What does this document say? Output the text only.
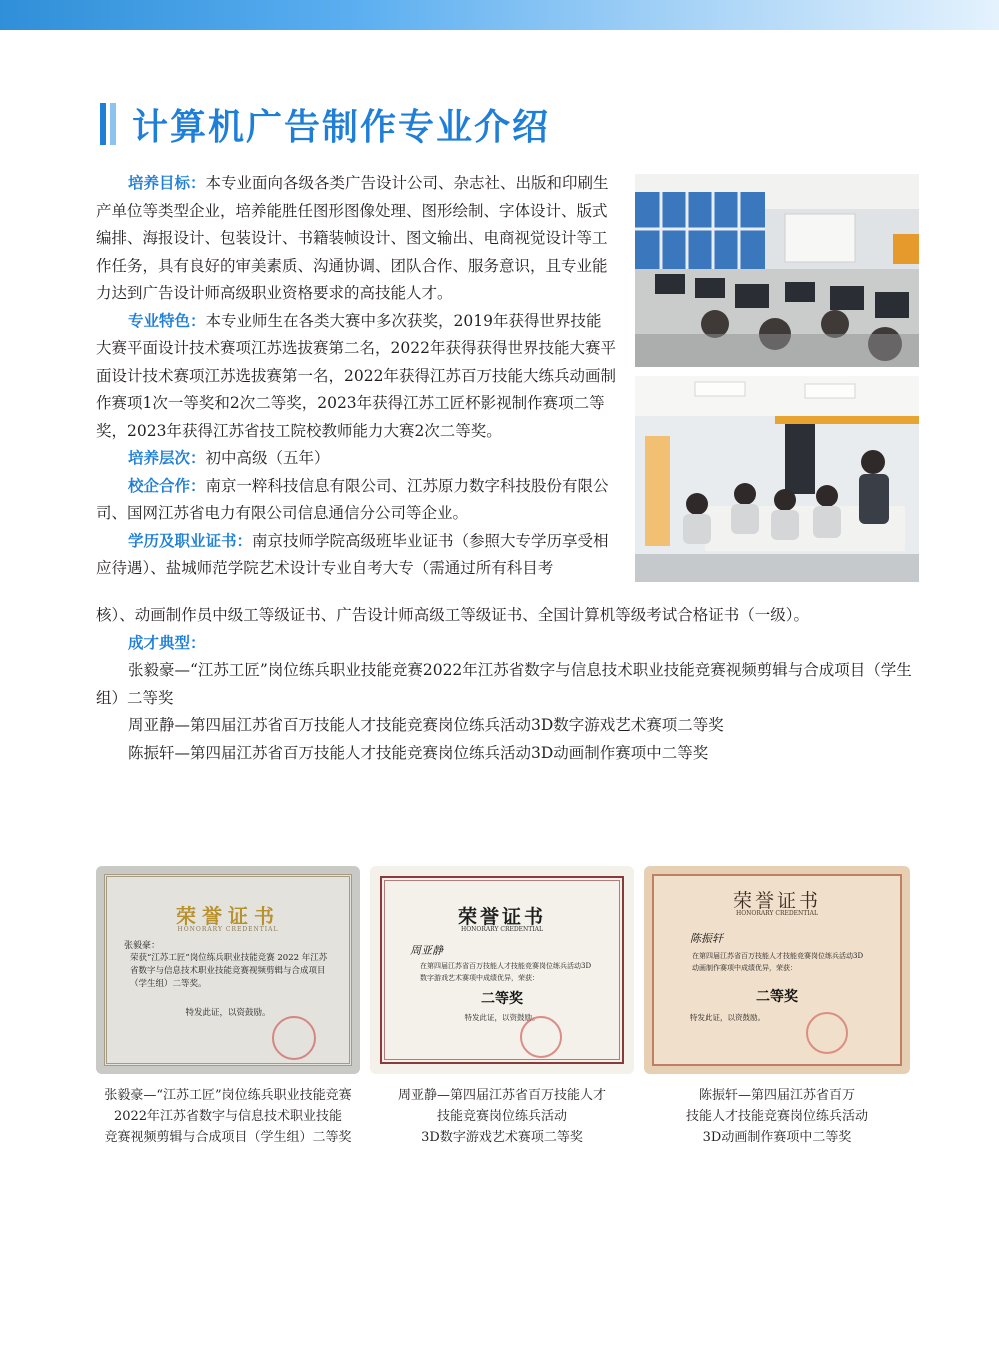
计算机广告制作专业介绍

培养目标：本专业面向各级各类广告设计公司、杂志社、出版和印刷生产单位等类型企业，培养能胜任图形图像处理、图形绘制、字体设计、版式编排、海报设计、包装设计、书籍装帧设计、图文输出、电商视觉设计等工作任务，具有良好的审美素质、沟通协调、团队合作、服务意识，且专业能力达到广告设计师高级职业资格要求的高技能人才。

专业特色：本专业师生在各类大赛中多次获奖，2019年获得世界技能大赛平面设计技术赛项江苏选拔赛第二名，2022年获得获得世界技能大赛平面设计技术赛项江苏选拔赛第一名，2022年获得江苏百万技能大练兵动画制作赛项1次一等奖和2次二等奖，2023年获得江苏工匠杯影视制作赛项二等奖，2023年获得江苏省技工院校教师能力大赛2次二等奖。

培养层次：初中高级（五年）

校企合作：南京一粹科技信息有限公司、江苏原力数字科技股份有限公司、国网江苏省电力有限公司信息通信分公司等企业。

学历及职业证书：南京技师学院高级班毕业证书（参照大专学历享受相应待遇）、盐城师范学院艺术设计专业自考大专（需通过所有科目考

核）、动画制作员中级工等级证书、广告设计师高级工等级证书、全国计算机等级考试合格证书（一级）。

成才典型：

张毅豪—“江苏工匠”岗位练兵职业技能竞赛2022年江苏省数字与信息技术职业技能竞赛视频剪辑与合成项目（学生组）二等奖

周亚静—第四届江苏省百万技能人才技能竞赛岗位练兵活动3D数字游戏艺术赛项二等奖

陈振轩—第四届江苏省百万技能人才技能竞赛岗位练兵活动3D动画制作赛项中二等奖

荣誉证书
HONORARY CREDENTIAL
张毅豪：
荣获“江苏工匠”岗位练兵职业技能竞赛 2022 年江苏省数字与信息技术职业技能竞赛视频剪辑与合成项目（学生组）二等奖。
特发此证，以资鼓励。
张毅豪—“江苏工匠”岗位练兵职业技能竞赛
2022年江苏省数字与信息技术职业技能
竞赛视频剪辑与合成项目（学生组）二等奖
荣誉证书
HONORARY CREDENTIAL
周亚静
在第四届江苏省百万技能人才技能竞赛岗位练兵活动3D数字游戏艺术赛项中成绩优异，荣获：
二等奖
特发此证，以资鼓励。
周亚静—第四届江苏省百万技能人才
技能竞赛岗位练兵活动
3D数字游戏艺术赛项二等奖
荣誉证书
HONORARY CREDENTIAL
陈振轩
在第四届江苏省百万技能人才技能竞赛岗位练兵活动3D动画制作赛项中成绩优异，荣获：
二等奖
特发此证，以资鼓励。
陈振轩—第四届江苏省百万
技能人才技能竞赛岗位练兵活动
3D动画制作赛项中二等奖
